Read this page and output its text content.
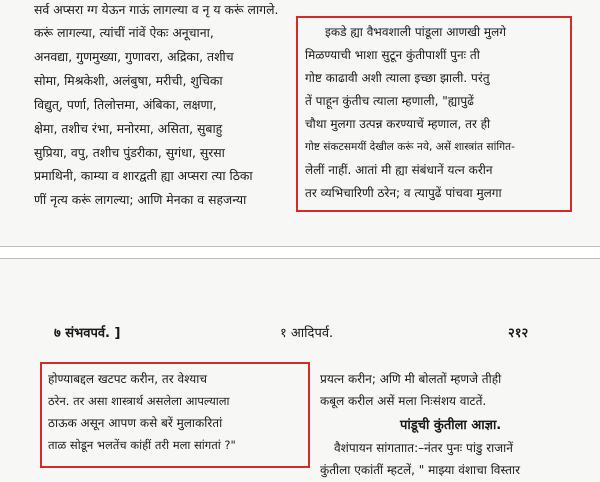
सर्व अप्सरा ग्ग येऊन गाऊं लागल्या व नृ य करूं लागले.
करूं लागल्या, त्यांचीं नांवें ऐकः अनूचाना,
अनवद्या, गुणमुख्या, गुणावरा, अद्रिका, तशीच
सोमा, मिश्रकेशी, अलंबुषा, मरीची, शुचिका
विद्युत्, पर्णा, तिलोत्तमा, अंबिका, लक्षणा,
क्षेमा, तशीच रंभा, मनोरमा, असिता, सुबाहु
सुप्रिया, वपु, तशीच पुंडरीका, सुगंधा, सुरसा
प्रमाथिनी, काम्या व शारद्वती ह्या अप्सरा त्या ठिका
णीं नृत्य करूं लागल्या; आणि मेनका व सहजन्या
इकडे ह्या वैभवशाली पांडूला आणखी मुलगे
मिळण्याची भाशा सुटून कुंतीपाशीं पुनः ती
गोष्ट काढावी अशी त्याला इच्छा झाली. परंतु
तें पाहून कुंतीच त्याला म्हणाली, "ह्यापुढें
चौथा मुलगा उत्पन्न करण्याचें म्हणाल, तर ही
गोष्ट संकटसमयीं देखील करूं नये, असें शास्त्रांत सांगित-
लेलीं नाहीं. आतां मी ह्या संबंधानें यत्न करीन
तर व्यभिचारिणी ठरेन; व त्यापुढें पांचवा मुलगा
७ संभवपर्व. ]	१ आदिपर्व.	२१२
होण्याबद्दल खटपट करीन, तर वेश्याच
ठरेन. तर असा शास्त्रार्थ असलेला आपल्याला
ठाऊक असून आपण कसे बरें मुलाकरितां
ताळ सोडून भलतेंच कांहीं तरी मला सांगतां ?"
प्रयत्न करीन; अणि मी बोलतों म्हणजे तीही
कबूल करील असें मला निःसंशय वाटतें.
पांडूची कुंतीला आज्ञा.
वैशंपायन सांगताात:–नंतर पुनः पांडु राजानें
कुंतीला एकांतीं म्हटलें, " माझ्या वंशाचा विस्तार
